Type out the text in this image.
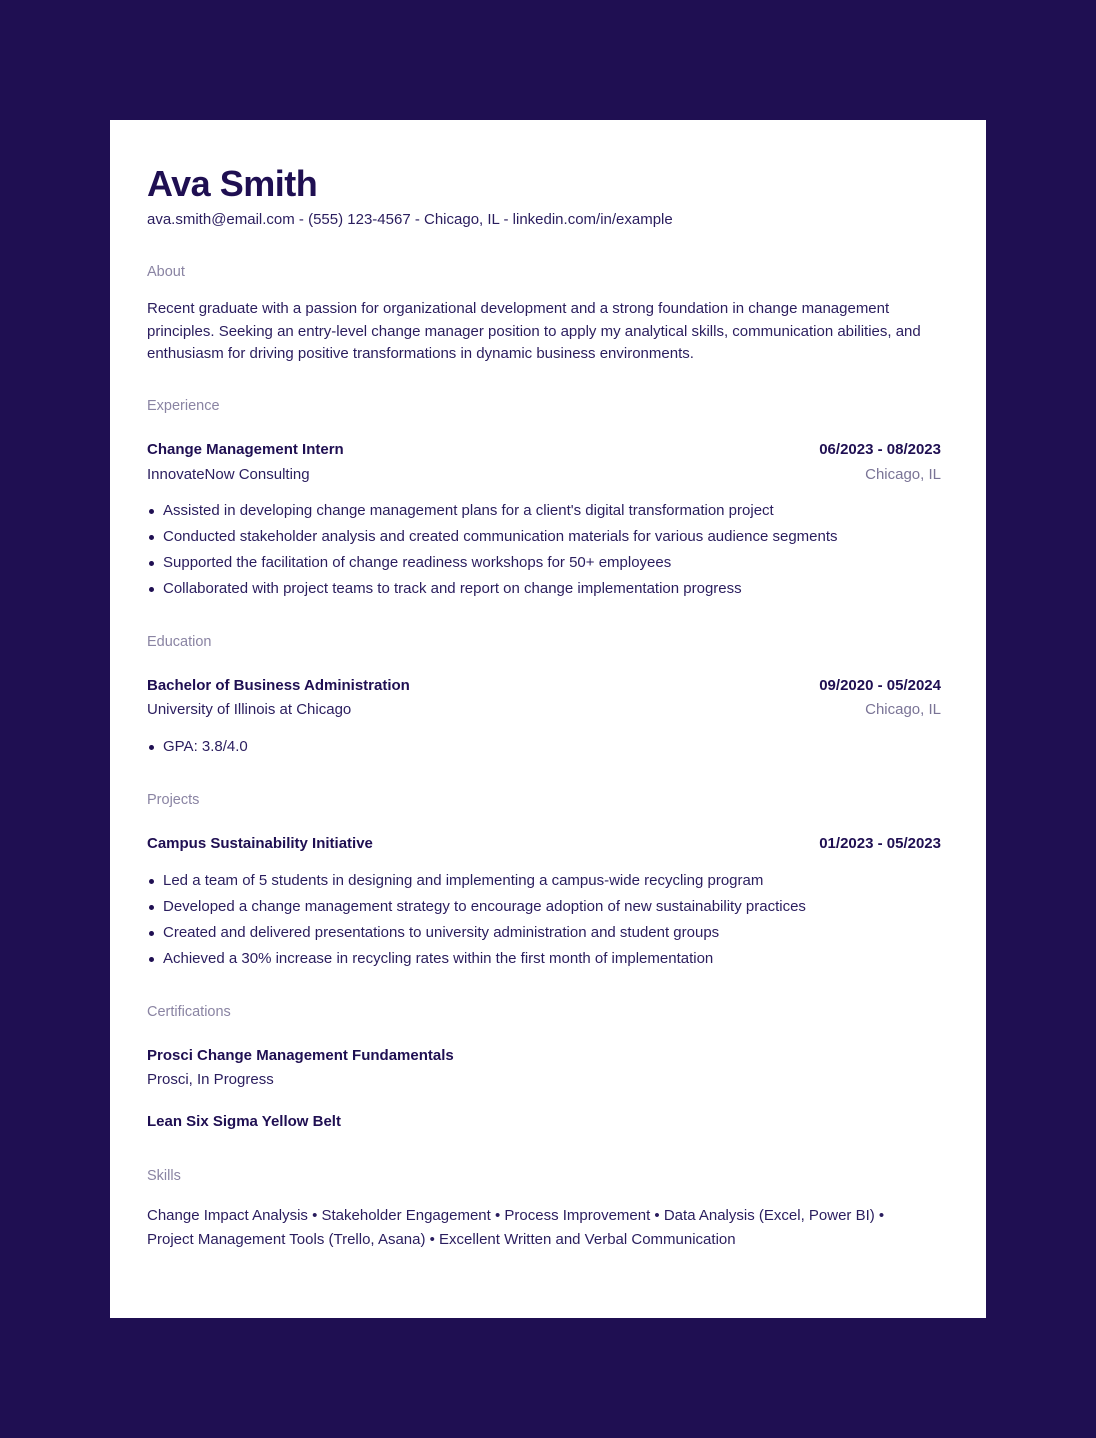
Ava Smith
ava.smith@email.com - (555) 123-4567 - Chicago, IL - linkedin.com/in/example
About
Recent graduate with a passion for organizational development and a strong foundation in change management principles. Seeking an entry-level change manager position to apply my analytical skills, communication abilities, and enthusiasm for driving positive transformations in dynamic business environments.
Experience
Change Management Intern	06/2023 - 08/2023
InnovateNow Consulting	Chicago, IL
Assisted in developing change management plans for a client's digital transformation project
Conducted stakeholder analysis and created communication materials for various audience segments
Supported the facilitation of change readiness workshops for 50+ employees
Collaborated with project teams to track and report on change implementation progress
Education
Bachelor of Business Administration	09/2020 - 05/2024
University of Illinois at Chicago	Chicago, IL
GPA: 3.8/4.0
Projects
Campus Sustainability Initiative	01/2023 - 05/2023
Led a team of 5 students in designing and implementing a campus-wide recycling program
Developed a change management strategy to encourage adoption of new sustainability practices
Created and delivered presentations to university administration and student groups
Achieved a 30% increase in recycling rates within the first month of implementation
Certifications
Prosci Change Management Fundamentals
Prosci, In Progress
Lean Six Sigma Yellow Belt
Skills
Change Impact Analysis • Stakeholder Engagement • Process Improvement • Data Analysis (Excel, Power BI) •
Project Management Tools (Trello, Asana) • Excellent Written and Verbal Communication
